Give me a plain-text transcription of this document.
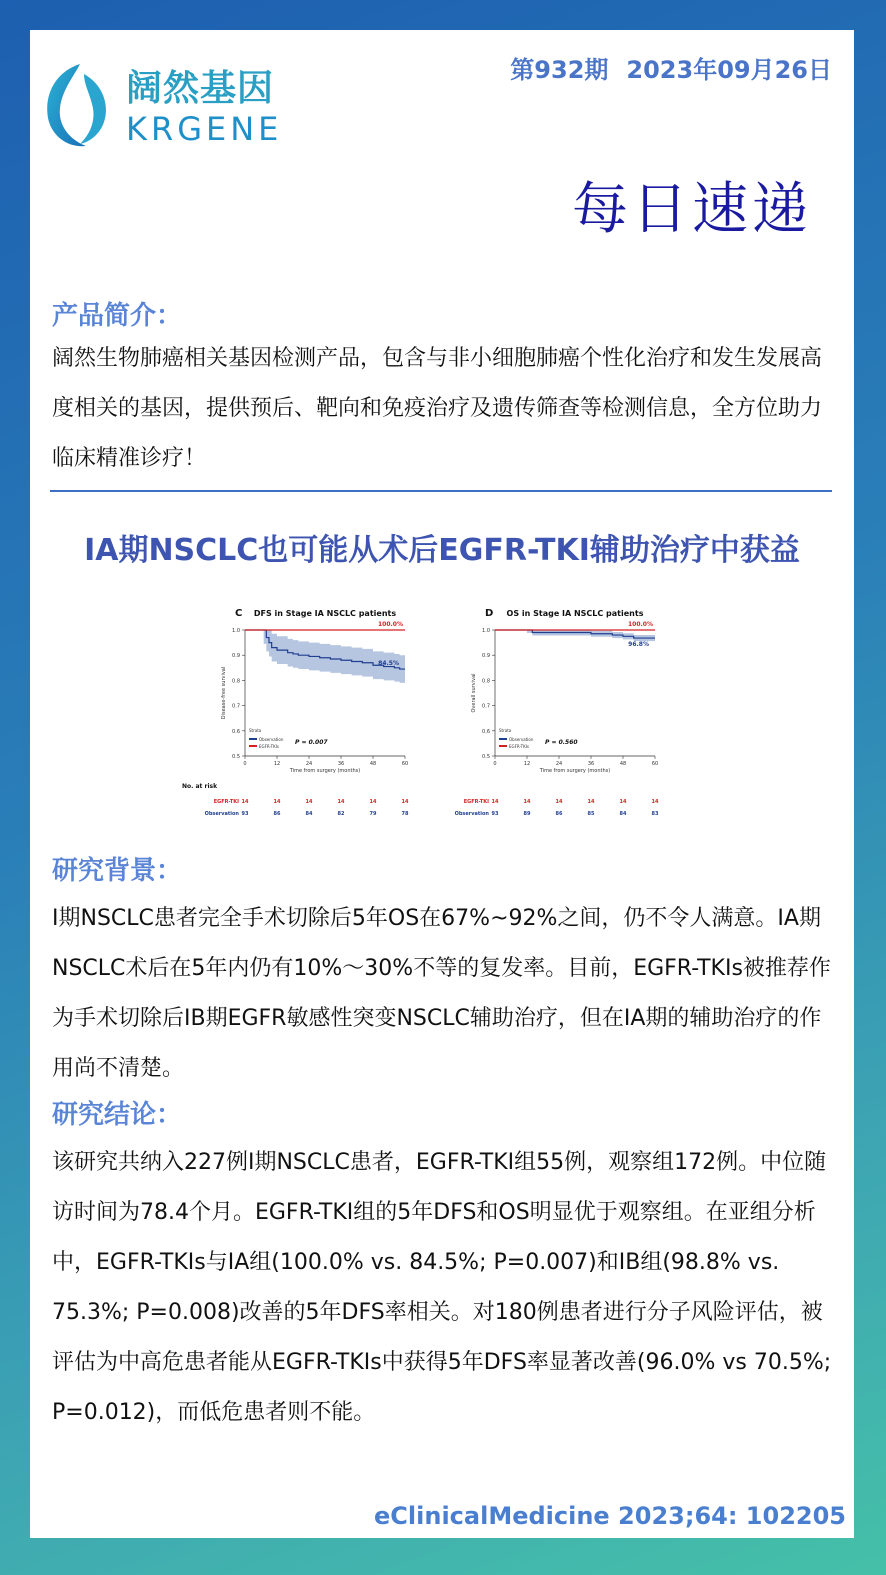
阔然基因
KRGENE
第932期 2023年09月26日
每日速递
产品简介：
阔然生物肺癌相关基因检测产品，包含与非小细胞肺癌个性化治疗和发生发展高度相关的基因，提供预后、靶向和免疫治疗及遗传筛查等检测信息，全方位助力临床精准诊疗！
IA期NSCLC也可能从术后EGFR-TKI辅助治疗中获益
C DFS in Stage IA NSCLC patients
0.5
0.6
0.7
0.8
0.9
1.0
0	12	24	36	48	60
Time from surgery (months)
Disease-free survival
100.0%
84.5%
Strata
Observation
EGFR-TKIs
P = 0.007
No. at risk
EGFR-TKI 14	14	14	14	14	14
Observation 93	86	84	82	79	78
D OS in Stage IA NSCLC patients
0.5
0.6
0.7
0.8
0.9
1.0
0	12	24	36	48	60
Time from surgery (months)
Overall survival
100.0%
96.8%
Strata
Observation
EGFR-TKIs
P = 0.560
EGFR-TKI 14	14	14	14	14	14
Observation 93	89	86	85	84	83
研究背景：
I期NSCLC患者完全手术切除后5年OS在67%~92%之间，仍不令人满意。IA期NSCLC术后在5年内仍有10%～30%不等的复发率。目前，EGFR-TKIs被推荐作为手术切除后IB期EGFR敏感性突变NSCLC辅助治疗，但在IA期的辅助治疗的作用尚不清楚。
研究结论：
该研究共纳入227例I期NSCLC患者，EGFR-TKI组55例，观察组172例。中位随访时间为78.4个月。EGFR-TKI组的5年DFS和OS明显优于观察组。在亚组分析中，EGFR-TKIs与IA组(100.0% vs. 84.5%; P=0.007)和IB组(98.8% vs. 75.3%; P=0.008)改善的5年DFS率相关。对180例患者进行分子风险评估，被评估为中高危患者能从EGFR-TKIs中获得5年DFS率显著改善(96.0% vs 70.5%; P=0.012)，而低危患者则不能。
eClinicalMedicine 2023;64: 102205
